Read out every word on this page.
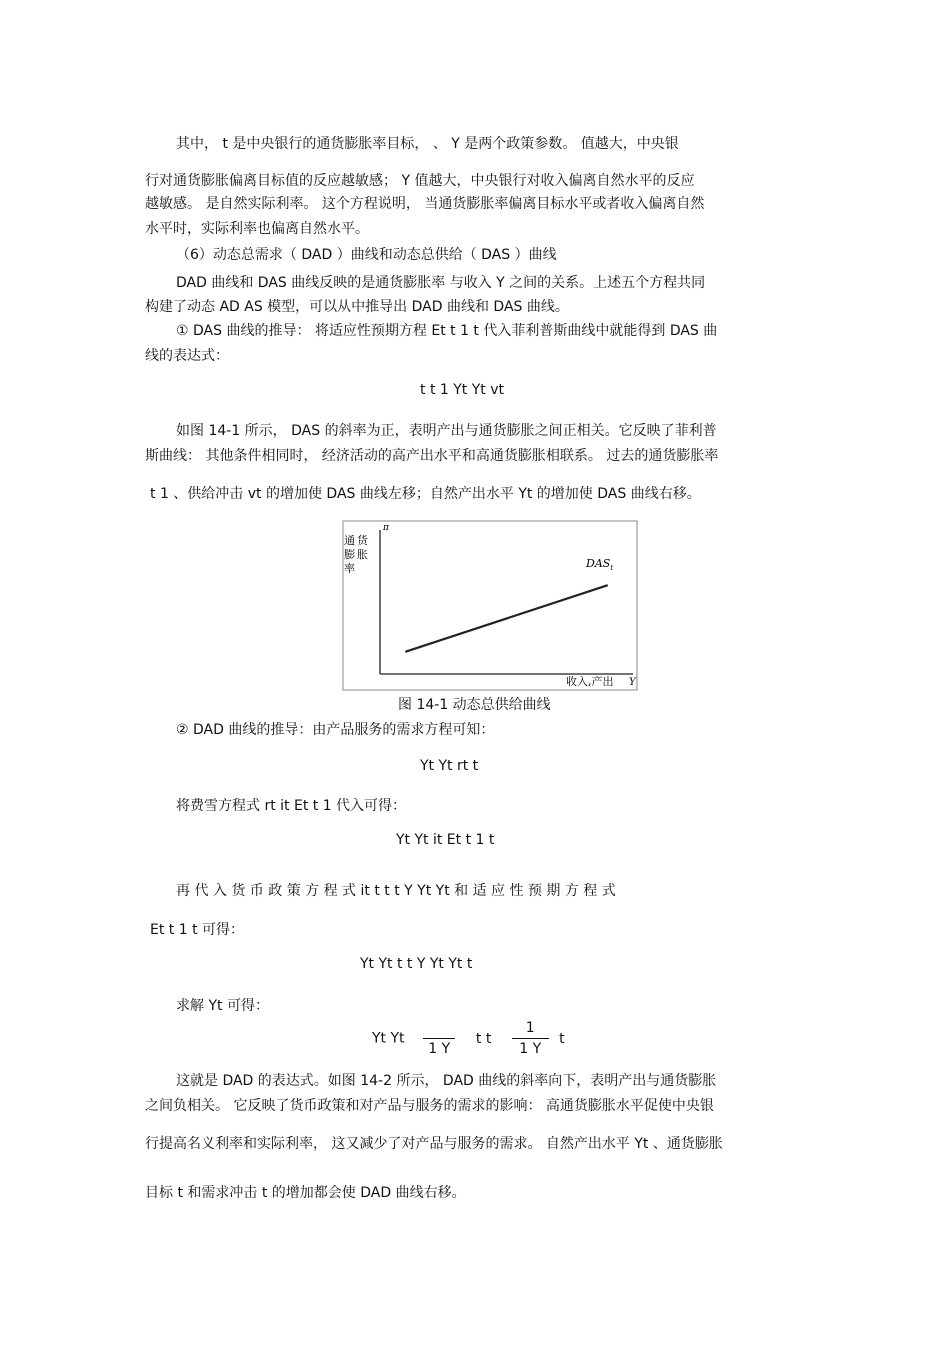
其中， t 是中央银行的通货膨胀率目标， 、 Y 是两个政策参数。 值越大，中央银
行对通货膨胀偏离目标值的反应越敏感； Y 值越大，中央银行对收入偏离自然水平的反应
越敏感。 是自然实际利率。 这个方程说明， 当通货膨胀率偏离目标水平或者收入偏离自然
水平时，实际利率也偏离自然水平。
（6）动态总需求（ DAD ）曲线和动态总供给（ DAS ）曲线
DAD 曲线和 DAS 曲线反映的是通货膨胀率 与收入 Y 之间的关系。上述五个方程共同
构建了动态 AD AS 模型，可以从中推导出 DAD 曲线和 DAS 曲线。
① DAS 曲线的推导： 将适应性预期方程 Et t 1 t 代入菲利普斯曲线中就能得到 DAS 曲
线的表达式：
t t 1 Yt Yt vt
如图 14-1 所示， DAS 的斜率为正，表明产出与通货膨胀之间正相关。它反映了菲利普
斯曲线： 其他条件相同时， 经济活动的高产出水平和高通货膨胀相联系。 过去的通货膨胀率
t 1 、供给冲击 vt 的增加使 DAS 曲线左移；自然产出水平 Yt 的增加使 DAS 曲线右移。
π
通 货
膨 胀
率	$DAS_t$
收入,产出 Y
图 14-1 动态总供给曲线
② DAD 曲线的推导：由产品服务的需求方程可知：
Yt Yt rt t
将费雪方程式 rt it Et t 1 代入可得：
Yt Yt it Et t 1 t
再 代 入 货 币 政 策 方 程 式 it t t t Y Yt Yt 和 适 应 性 预 期 方 程 式
Et t 1 t 可得：
Yt Yt t t Y Yt Yt t
求解 Yt 可得：
Yt Yt

1 Y
t t $\frac{1}{1 Y}$ t
这就是 DAD 的表达式。如图 14-2 所示， DAD 曲线的斜率向下，表明产出与通货膨胀
之间负相关。 它反映了货币政策和对产品与服务的需求的影响： 高通货膨胀水平促使中央银
行提高名义利率和实际利率， 这又减少了对产品与服务的需求。 自然产出水平 Yt 、通货膨胀
目标 t 和需求冲击 t 的增加都会使 DAD 曲线右移。
